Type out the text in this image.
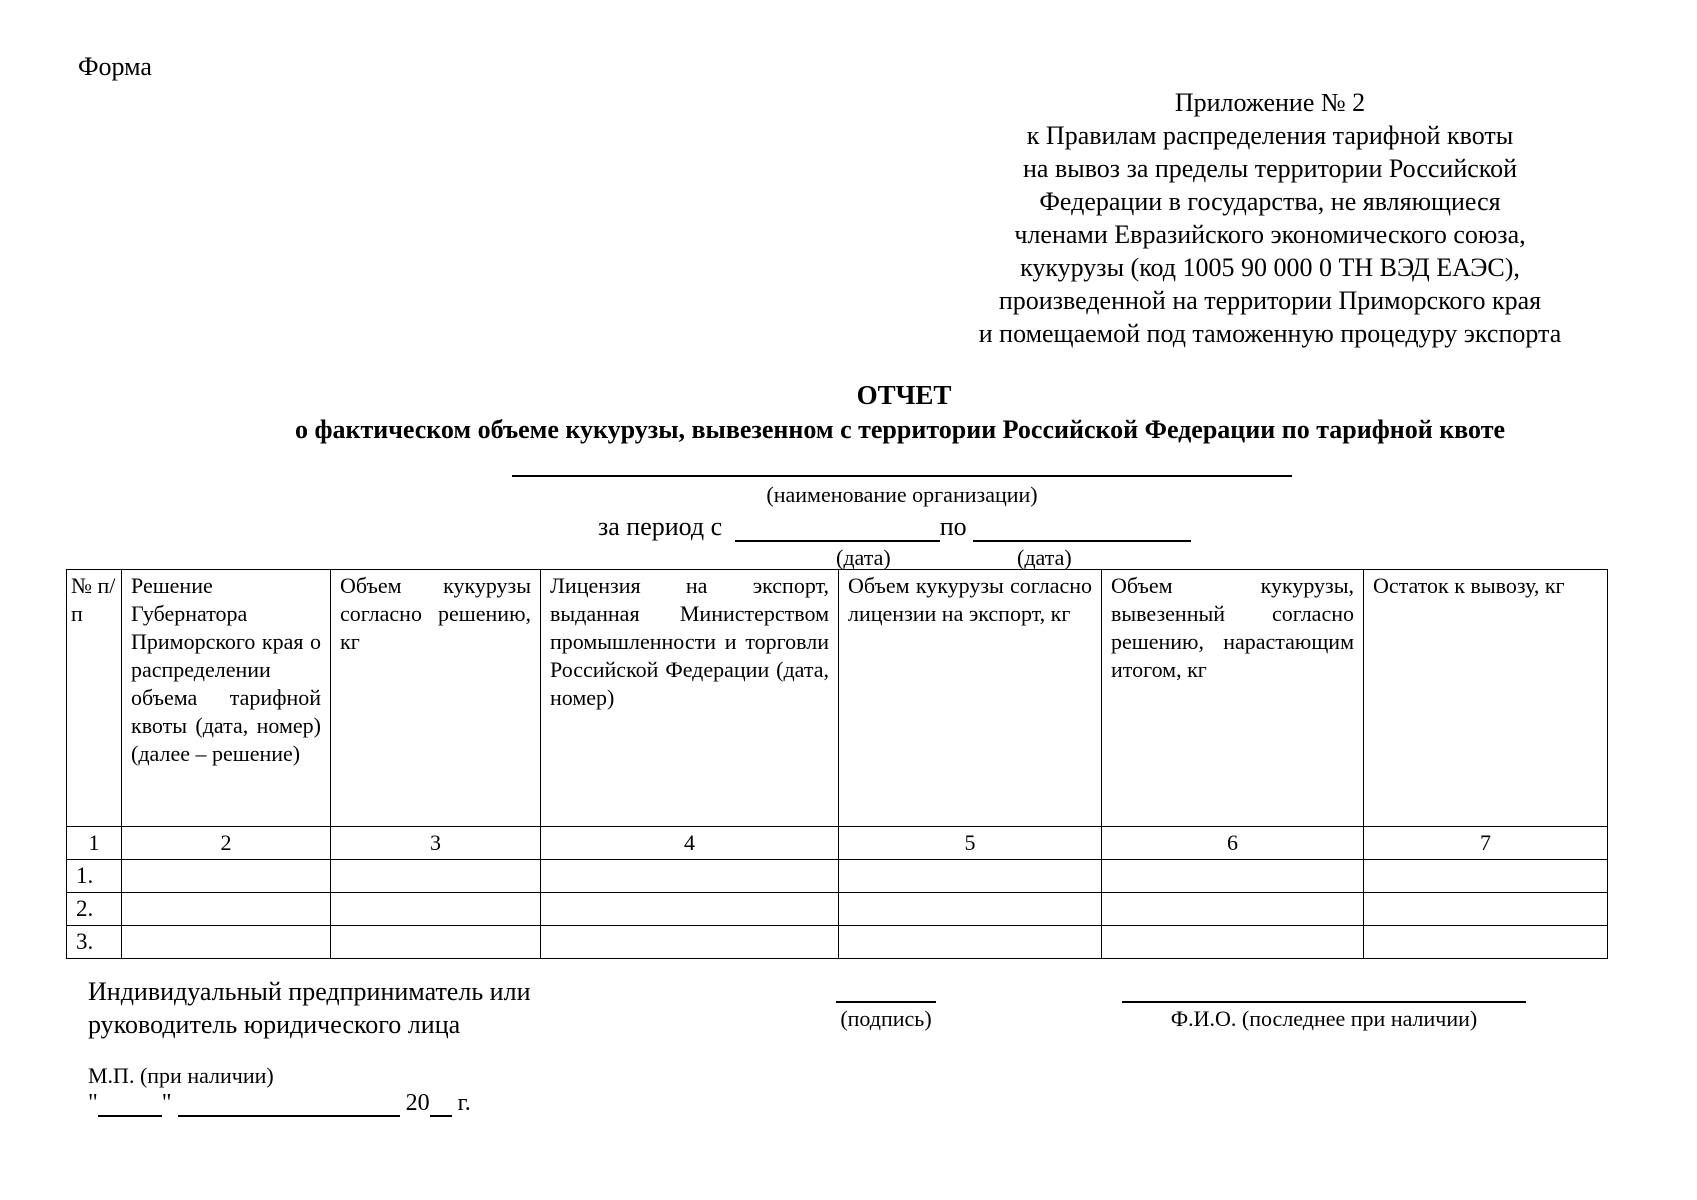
Форма
Приложение № 2
к Правилам распределения тарифной квоты
на вывоз за пределы территории Российской
Федерации в государства, не являющиеся
членами Евразийского экономического союза,
кукурузы (код 1005 90 000 0 ТН ВЭД ЕАЭС),
произведенной на территории Приморского края
и помещаемой под таможенную процедуру экспорта
ОТЧЕТ
о фактическом объеме кукурузы, вывезенном с территории Российской Федерации по тарифной квоте
(наименование организации)
за период с	по
(дата)	(дата)
№ п/п	Решение Губернатора Приморского края о распределении объема тарифной квоты (дата, номер) (далее – решение)	Объем кукурузы согласно решению, кг	Лицензия на экспорт, выданная Министерством промышленности и торговли Российской Федерации (дата, номер)	Объем кукурузы согласно лицензии на экспорт, кг	Объем кукурузы, вывезенный согласно решению, нарастающим итогом, кг	Остаток к вывозу, кг
1	2	3	4	5	6	7
1.						
2.						
3.						
Индивидуальный предприниматель или
руководитель юридического лица	(подпись)	Ф.И.О. (последнее при наличии)
М.П. (при наличии)
"	"	20 г.
